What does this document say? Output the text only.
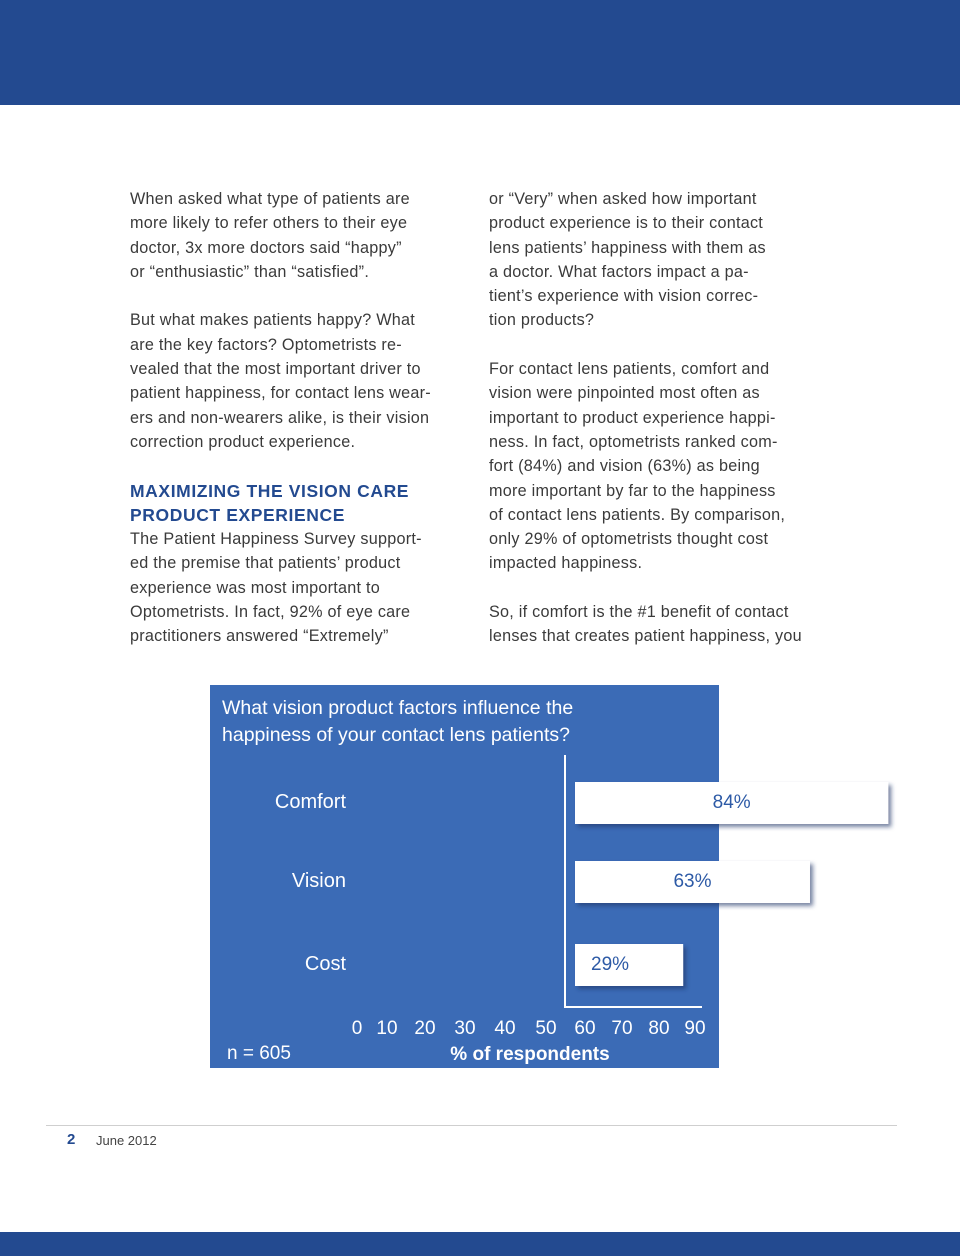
When asked what type of patients are
more likely to refer others to their eye
doctor, 3x more doctors said “happy”
or “enthusiastic” than “satisfied”.

But what makes patients happy? What
are the key factors? Optometrists re-
vealed that the most important driver to
patient happiness, for contact lens wear-
ers and non-wearers alike, is their vision
correction product experience.

MAXIMIZING THE VISION CARE
PRODUCT EXPERIENCE

The Patient Happiness Survey support-
ed the premise that patients’ product
experience was most important to
Optometrists. In fact, 92% of eye care
practitioners answered “Extremely”

or “Very” when asked how important
product experience is to their contact
lens patients’ happiness with them as
a doctor. What factors impact a pa-
tient’s experience with vision correc-
tion products?

For contact lens patients, comfort and
vision were pinpointed most often as
important to product experience happi-
ness. In fact, optometrists ranked com-
fort (84%) and vision (63%) as being
more important by far to the happiness
of contact lens patients. By comparison,
only 29% of optometrists thought cost
impacted happiness.

So, if comfort is the #1 benefit of contact
lenses that creates patient happiness, you

What vision product factors influence the
happiness of your contact lens patients?
84%
Comfort
63%
Vision
29%
Cost
0 10 20 30 40 50 60 70 80 90
% of respondents
n = 605
2 June 2012
